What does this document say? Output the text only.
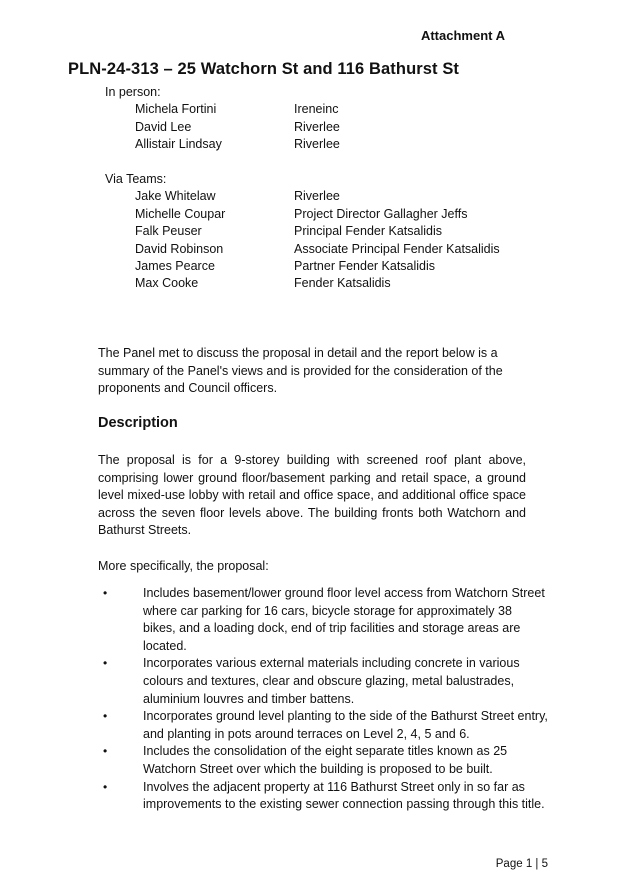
Attachment A
PLN-24-313 – 25 Watchorn St and 116 Bathurst St
In person:
Michela Fortini	Ireneinc
David Lee	Riverlee
Allistair Lindsay	Riverlee
Via Teams:
Jake Whitelaw	Riverlee
Michelle Coupar	Project Director Gallagher Jeffs
Falk Peuser	Principal Fender Katsalidis
David Robinson	Associate Principal Fender Katsalidis
James Pearce	Partner Fender Katsalidis
Max Cooke	Fender Katsalidis

The Panel met to discuss the proposal in detail and the report below is a summary of the Panel's views and is provided for the consideration of the proponents and Council officers.

Description

The proposal is for a 9-storey building with screened roof plant above, comprising lower ground floor/basement parking and retail space, a ground level mixed-use lobby with retail and office space, and additional office space across the seven floor levels above. The building fronts both Watchorn and Bathurst Streets.

More specifically, the proposal:

•	Includes basement/lower ground floor level access from Watchorn Street where car parking for 16 cars, bicycle storage for approximately 38 bikes, and a loading dock, end of trip facilities and storage areas are located.
•	Incorporates various external materials including concrete in various colours and textures, clear and obscure glazing, metal balustrades, aluminium louvres and timber battens.
•	Incorporates ground level planting to the side of the Bathurst Street entry, and planting in pots around terraces on Level 2, 4, 5 and 6.
•	Includes the consolidation of the eight separate titles known as 25 Watchorn Street over which the building is proposed to be built.
•	Involves the adjacent property at 116 Bathurst Street only in so far as improvements to the existing sewer connection passing through this title.
Page 1 | 5
